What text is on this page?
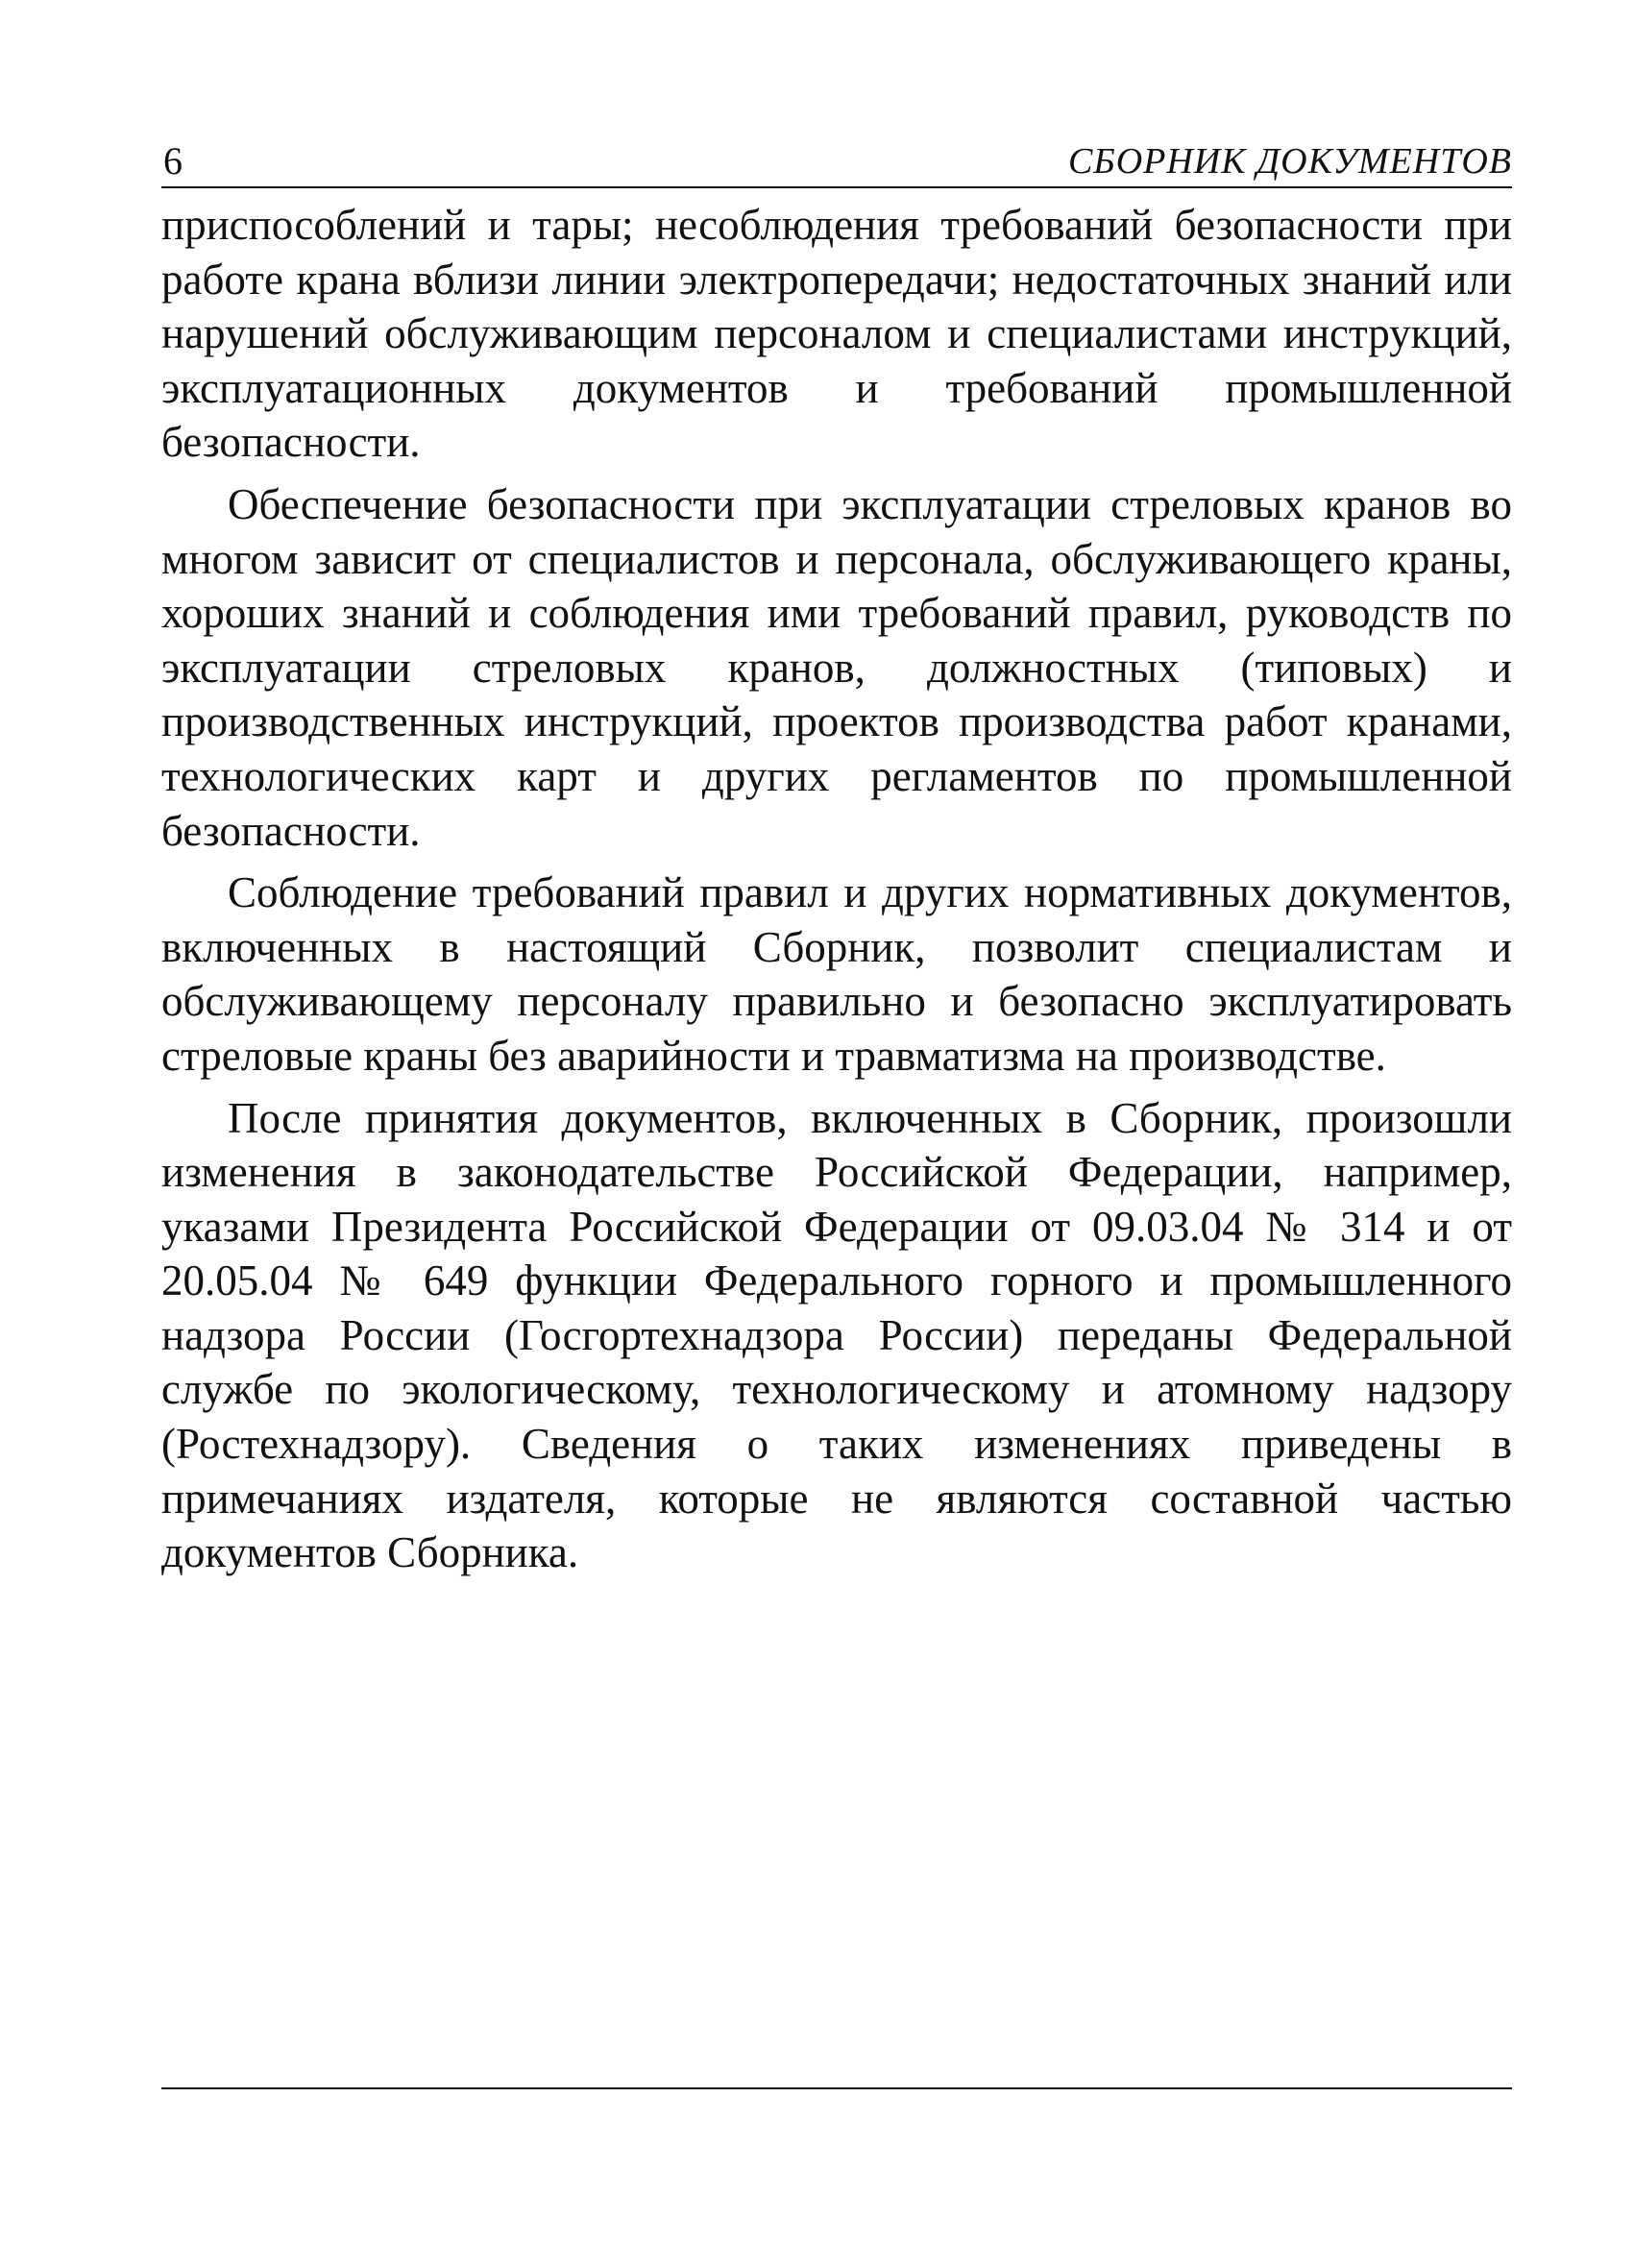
6	СБОРНИК ДОКУМЕНТОВ

приспособлений и тары; несоблюдения требований безопасности при работе крана вблизи линии электропередачи; недостаточных знаний или нарушений обслуживающим персоналом и специалистами инструкций, эксплуатационных документов и требований промышленной безопасности.

Обеспечение безопасности при эксплуатации стреловых кранов во многом зависит от специалистов и персонала, обслуживающего краны, хороших знаний и соблюдения ими требований правил, руководств по эксплуатации стреловых кранов, должностных (типовых) и производственных инструкций, проектов производства работ кранами, технологических карт и других регламентов по промышленной безопасности.

Соблюдение требований правил и других нормативных документов, включенных в настоящий Сборник, позволит специалистам и обслуживающему персоналу правильно и безопасно эксплуатировать стреловые краны без аварийности и травматизма на производстве.

После принятия документов, включенных в Сборник, произошли изменения в законодательстве Российской Федерации, например, указами Президента Российской Федерации от 09.03.04 № 314 и от 20.05.04 № 649 функции Федерального горного и промышленного надзора России (Госгортехнадзора России) переданы Федеральной службе по экологическому, технологическому и атомному надзору (Ростехнадзору). Сведения о таких изменениях приведены в примечаниях издателя, которые не являются составной частью документов Сборника.
